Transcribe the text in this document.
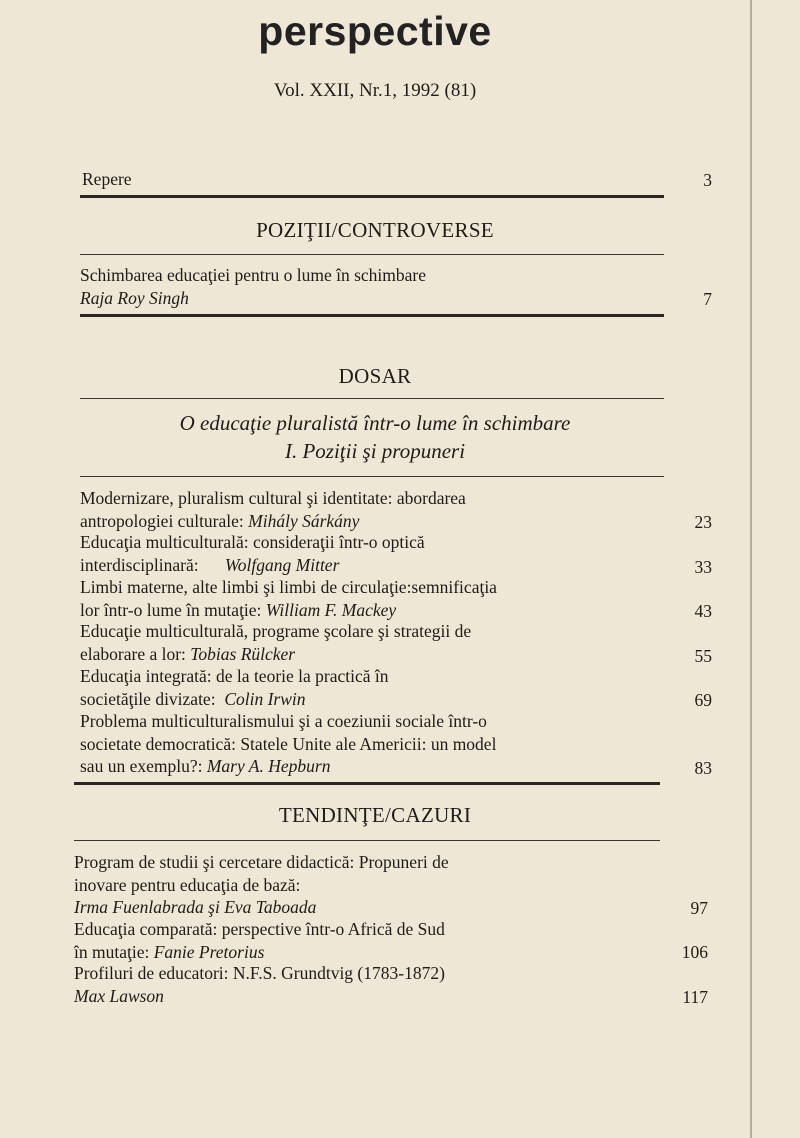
perspective
Vol. XXII, Nr.1, 1992 (81)
Repere	3
POZIŢII/CONTROVERSE
Schimbarea educaţiei pentru o lume în schimbare
Raja Roy Singh	7
DOSAR
O educaţie pluralistă într-o lume în schimbare
I. Poziţii şi propuneri
Modernizare, pluralism cultural şi identitate: abordarea
antropologiei culturale: Mihály Sárkány	23
Educaţia multiculturală: consideraţii într-o optică
interdisciplinară: Wolfgang Mitter	33
Limbi materne, alte limbi şi limbi de circulaţie:semnificaţia
lor într-o lume în mutaţie: William F. Mackey	43
Educaţie multiculturală, programe şcolare şi strategii de
elaborare a lor: Tobias Rülcker	55
Educaţia integrată: de la teorie la practică în
societăţile divizate: Colin Irwin	69
Problema multiculturalismului şi a coeziunii sociale într-o
societate democratică: Statele Unite ale Americii: un model
sau un exemplu?: Mary A. Hepburn	83
TENDINŢE/CAZURI
Program de studii şi cercetare didactică: Propuneri de
inovare pentru educaţia de bază:
Irma Fuenlabrada şi Eva Taboada	97
Educaţia comparată: perspective într-o Africă de Sud
în mutaţie: Fanie Pretorius	106
Profiluri de educatori: N.F.S. Grundtvig (1783-1872)
Max Lawson	117
